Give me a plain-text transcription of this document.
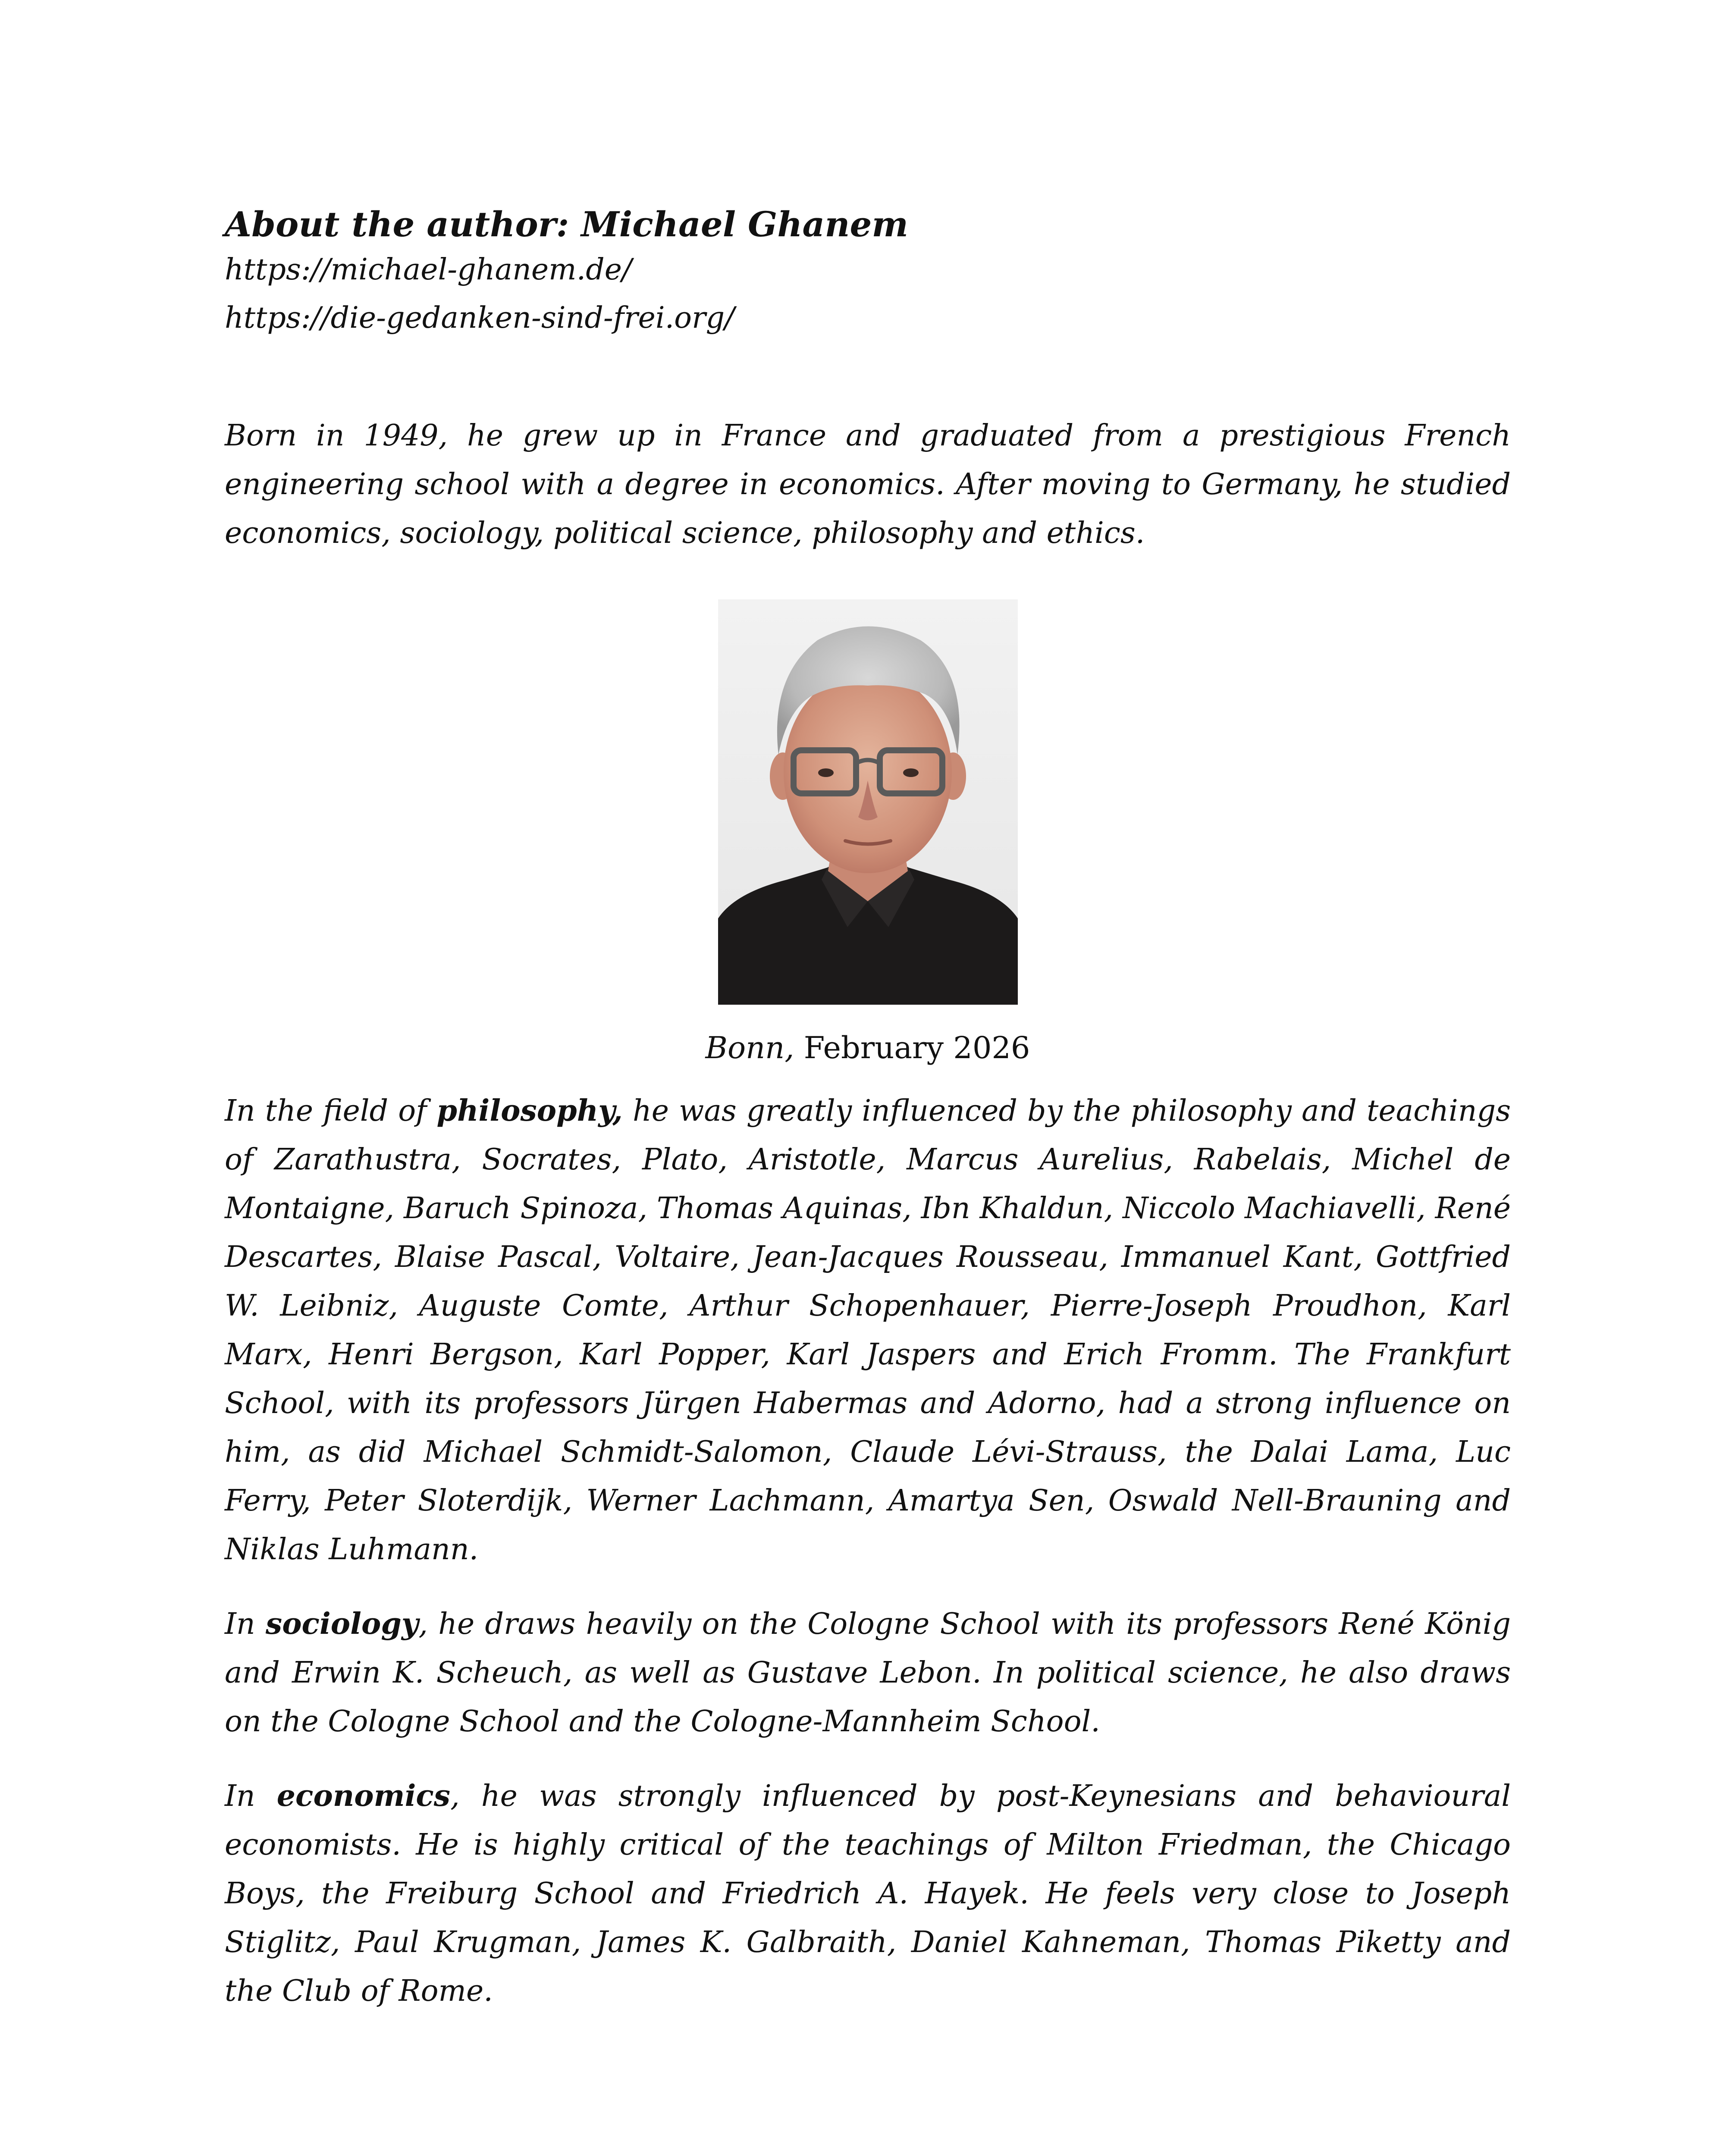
About the author: Michael Ghanem
https://michael-ghanem.de/
https://die-gedanken-sind-frei.org/

Born in 1949, he grew up in France and graduated from a prestigious French engineering school with a degree in economics. After moving to Germany, he studied economics, sociology, political science, philosophy and ethics.

Bonn, February 2026

In the field of philosophy, he was greatly influenced by the philosophy and teachings of Zarathustra, Socrates, Plato, Aristotle, Marcus Aurelius, Rabelais, Michel de Montaigne, Baruch Spinoza, Thomas Aquinas, Ibn Khaldun, Niccolo Machiavelli, René Descartes, Blaise Pascal, Voltaire, Jean-Jacques Rousseau, Immanuel Kant, Gottfried W. Leibniz, Auguste Comte, Arthur Schopenhauer, Pierre-Joseph Proudhon, Karl Marx, Henri Bergson, Karl Popper, Karl Jaspers and Erich Fromm. The Frankfurt School, with its professors Jürgen Habermas and Adorno, had a strong influence on him, as did Michael Schmidt-Salomon, Claude Lévi-Strauss, the Dalai Lama, Luc Ferry, Peter Sloterdijk, Werner Lachmann, Amartya Sen, Oswald Nell-Brauning and Niklas Luhmann.

In sociology, he draws heavily on the Cologne School with its professors René König and Erwin K. Scheuch, as well as Gustave Lebon. In political science, he also draws on the Cologne School and the Cologne-Mannheim School.

In economics, he was strongly influenced by post-Keynesians and behavioural economists. He is highly critical of the teachings of Milton Friedman, the Chicago Boys, the Freiburg School and Friedrich A. Hayek. He feels very close to Joseph Stiglitz, Paul Krugman, James K. Galbraith, Daniel Kahneman, Thomas Piketty and the Club of Rome.
